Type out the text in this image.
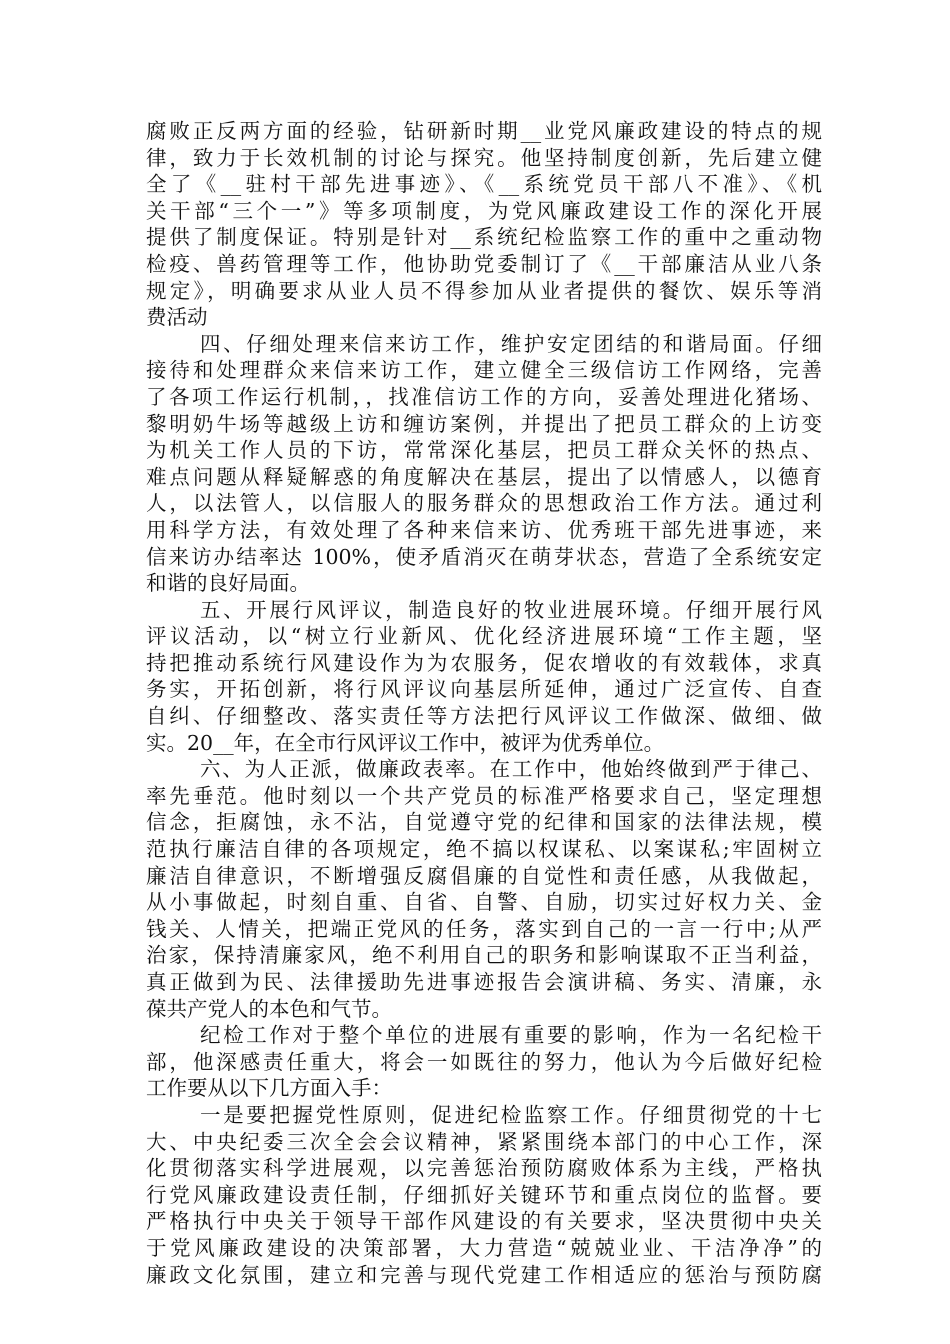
腐败正反两方面的经验，钻研新时期__业党风廉政建设的特点的规
律，致力于长效机制的讨论与探究。他坚持制度创新，先后建立健
全了《__驻村干部先进事迹》、《__系统党员干部八不准》、《机
关干部“三个一”》等多项制度，为党风廉政建设工作的深化开展
提供了制度保证。特别是针对__系统纪检监察工作的重中之重动物
检疫、兽药管理等工作，他协助党委制订了《__干部廉洁从业八条
规定》，明确要求从业人员不得参加从业者提供的餐饮、娱乐等消
费活动
四、仔细处理来信来访工作，维护安定团结的和谐局面。仔细
接待和处理群众来信来访工作，建立健全三级信访工作网络，完善
了各项工作运行机制，，找准信访工作的方向，妥善处理进化猪场、
黎明奶牛场等越级上访和缠访案例，并提出了把员工群众的上访变
为机关工作人员的下访，常常深化基层，把员工群众关怀的热点、
难点问题从释疑解惑的角度解决在基层，提出了以情感人，以德育
人，以法管人，以信服人的服务群众的思想政治工作方法。通过利
用科学方法，有效处理了各种来信来访、优秀班干部先进事迹，来
信来访办结率达 100%，使矛盾消灭在萌芽状态，营造了全系统安定
和谐的良好局面。
五、开展行风评议，制造良好的牧业进展环境。仔细开展行风
评议活动，以“树立行业新风、优化经济进展环境“工作主题，坚
持把推动系统行风建设作为为农服务，促农增收的有效载体，求真
务实，开拓创新，将行风评议向基层所延伸，通过广泛宣传、自查
自纠、仔细整改、落实责任等方法把行风评议工作做深、做细、做
实。20__年，在全市行风评议工作中，被评为优秀单位。
六、为人正派，做廉政表率。在工作中，他始终做到严于律己、
率先垂范。他时刻以一个共产党员的标准严格要求自己，坚定理想
信念，拒腐蚀，永不沾，自觉遵守党的纪律和国家的法律法规，模
范执行廉洁自律的各项规定，绝不搞以权谋私、以案谋私;牢固树立
廉洁自律意识，不断增强反腐倡廉的自觉性和责任感，从我做起，
从小事做起，时刻自重、自省、自警、自励，切实过好权力关、金
钱关、人情关，把端正党风的任务，落实到自己的一言一行中;从严
治家，保持清廉家风，绝不利用自己的职务和影响谋取不正当利益，
真正做到为民、法律援助先进事迹报告会演讲稿、务实、清廉，永
葆共产党人的本色和气节。
纪检工作对于整个单位的进展有重要的影响，作为一名纪检干
部，他深感责任重大，将会一如既往的努力，他认为今后做好纪检
工作要从以下几方面入手：
一是要把握党性原则，促进纪检监察工作。仔细贯彻党的十七
大、中央纪委三次全会会议精神，紧紧围绕本部门的中心工作，深
化贯彻落实科学进展观，以完善惩治预防腐败体系为主线，严格执
行党风廉政建设责任制，仔细抓好关键环节和重点岗位的监督。要
严格执行中央关于领导干部作风建设的有关要求，坚决贯彻中央关
于党风廉政建设的决策部署，大力营造“兢兢业业、干洁净净”的
廉政文化氛围，建立和完善与现代党建工作相适应的惩治与预防腐
